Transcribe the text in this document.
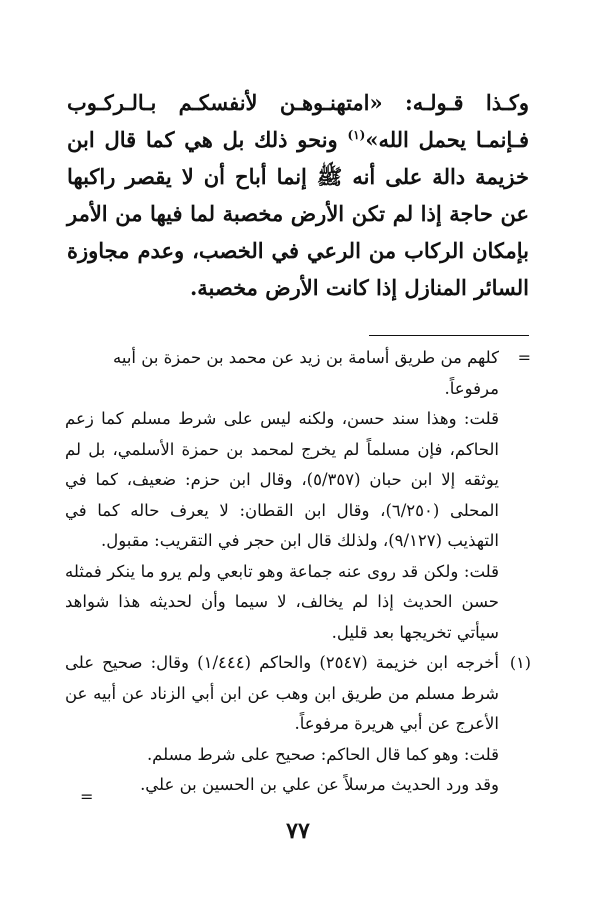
وكـذا قـولـه: «امتهنـوهـن لأنفسكـم بـالـركـوب فـإنمـا يحمل الله»$^{(١)}$ ونحو ذلك بل هي كما قال ابن خزيمة دالة على أنه ﷺ إنما أباح أن لا يقصر راكبها عن حاجة إذا لم تكن الأرض مخصبة لما فيها من الأمر بإمكان الركاب من الرعي في الخصب، وعدم مجاوزة السائر المنازل إذا كانت الأرض مخصبة.

=
كلهم من طريق أسامة بن زيد عن محمد بن حمزة بن أبيه
مرفوعاً.
قلت: وهذا سند حسن، ولكنه ليس على شرط مسلم كما زعم الحاكم، فإن مسلماً لم يخرج لمحمد بن حمزة الأسلمي، بل لم يوثقه إلا ابن حبان (٥/٣٥٧)، وقال ابن حزم: ضعيف، كما في المحلى (٦/٢٥٠)، وقال ابن القطان: لا يعرف حاله كما في التهذيب (٩/١٢٧)، ولذلك قال ابن حجر في التقريب: مقبول.
قلت: ولكن قد روى عنه جماعة وهو تابعي ولم يرو ما ينكر فمثله حسن الحديث إذا لم يخالف، لا سيما وأن لحديثه هذا شواهد سيأتي تخريجها بعد قليل.
(١)
أخرجه ابن خزيمة (٢٥٤٧) والحاكم (١/٤٤٤) وقال: صحيح على شرط مسلم من طريق ابن وهب عن ابن أبي الزناد عن أبيه عن الأعرج عن أبي هريرة مرفوعاً.
قلت: وهو كما قال الحاكم: صحيح على شرط مسلم.
وقد ورد الحديث مرسلاً عن علي بن الحسين بن علي.
=
٧٧
